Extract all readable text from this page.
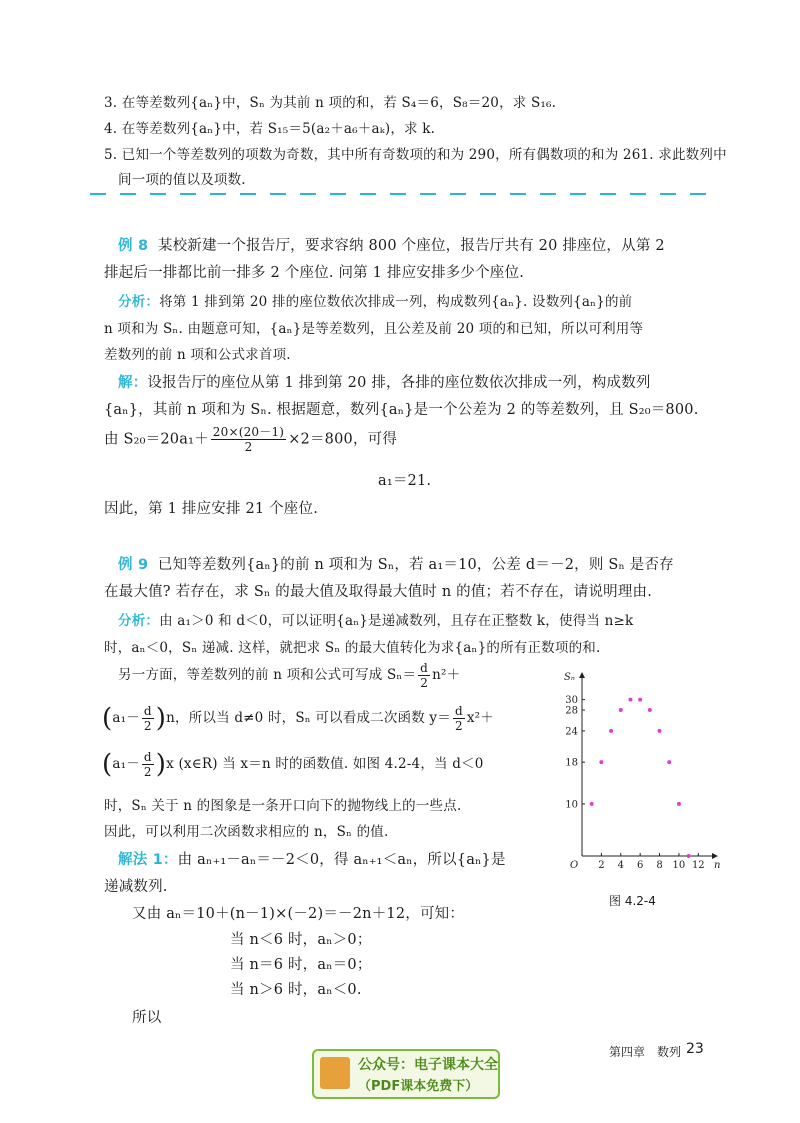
3. 在等差数列{aₙ}中，Sₙ 为其前 n 项的和，若 S₄＝6，S₈＝20，求 S₁₆.
4. 在等差数列{aₙ}中，若 S₁₅＝5(a₂＋a₆＋aₖ)，求 k.
5. 已知一个等差数列的项数为奇数，其中所有奇数项的和为 290，所有偶数项的和为 261. 求此数列中
间一项的值以及项数.
例 8 某校新建一个报告厅，要求容纳 800 个座位，报告厅共有 20 排座位，从第 2
排起后一排都比前一排多 2 个座位. 问第 1 排应安排多少个座位.
分析：将第 1 排到第 20 排的座位数依次排成一列，构成数列{aₙ}. 设数列{aₙ}的前
n 项和为 Sₙ. 由题意可知，{aₙ}是等差数列，且公差及前 20 项的和已知，所以可利用等
差数列的前 n 项和公式求首项.
解：设报告厅的座位从第 1 排到第 20 排，各排的座位数依次排成一列，构成数列
{aₙ}，其前 n 项和为 Sₙ. 根据题意，数列{aₙ}是一个公差为 2 的等差数列，且 S₂₀＝800.
由 $S_{20}=20a_1+ \frac{20\times(20-1)}{2} \times 2=800$，可得
a₁＝21.
因此，第 1 排应安排 21 个座位.
例 9 已知等差数列{aₙ}的前 n 项和为 Sₙ，若 a₁＝10，公差 d＝－2，则 Sₙ 是否存
在最大值? 若存在，求 Sₙ 的最大值及取得最大值时 n 的值；若不存在，请说明理由.
分析：由 a₁＞0 和 d＜0，可以证明{aₙ}是递减数列，且存在正整数 k，使得当 n≥k
时，aₙ＜0，Sₙ 递减. 这样，就把求 Sₙ 的最大值转化为求{aₙ}的所有正数项的和.
另一方面，等差数列的前 n 项和公式可写成 $S_n= \frac{d}{2} n^2+$
$(a_1- \frac{d}{2} )n$，所以当 d≠0 时，Sₙ 可以看成二次函数 $y= \frac{d}{2} x^2+$
$(a_1- \frac{d}{2} )x$ (x∈R) 当 x＝n 时的函数值. 如图 4.2-4，当 d＜0
时，Sₙ 关于 n 的图象是一条开口向下的抛物线上的一些点.
因此，可以利用二次函数求相应的 n，Sₙ 的值.
解法 1：由 aₙ₊₁－aₙ＝－2＜0，得 aₙ₊₁＜aₙ，所以{aₙ}是
递减数列.
又由 aₙ＝10＋(n－1)×(－2)＝－2n＋12，可知：
当 n＜6 时，aₙ＞0；
当 n＝6 时，aₙ＝0；
当 n＞6 时，aₙ＜0.
所以
Sₙ
n
O 2 4 6 8 10 12
10
18
24
28
30
图 4.2-4
第四章　数列 23
公众号：电子课本大全
（PDF课本免费下）
